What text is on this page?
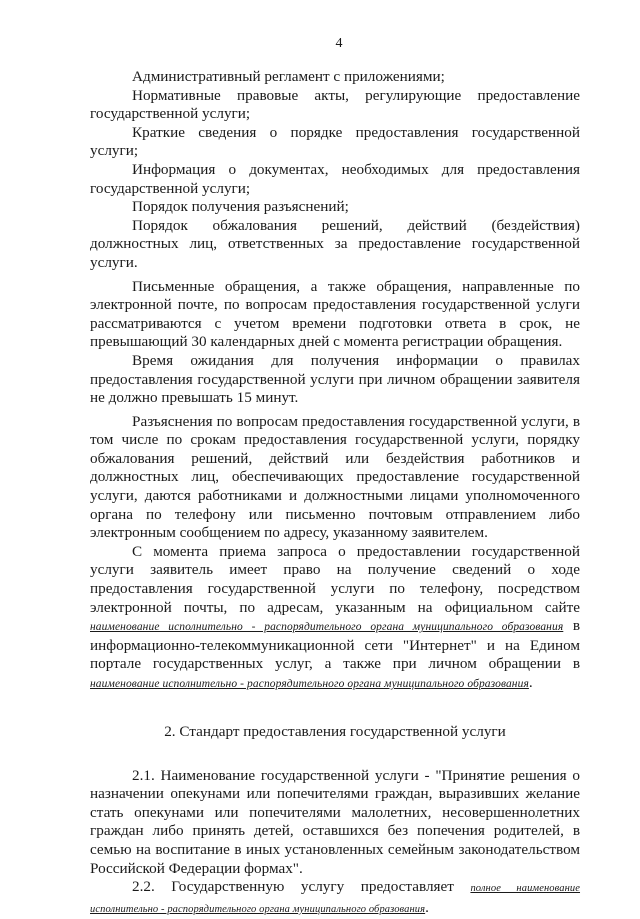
4

Административный регламент с приложениями;

Нормативные правовые акты, регулирующие предоставление государственной услуги;

Краткие сведения о порядке предоставления государственной услуги;

Информация о документах, необходимых для предоставления государственной услуги;

Порядок получения разъяснений;

Порядок обжалования решений, действий (бездействия) должностных лиц, ответственных за предоставление государственной услуги.

Письменные обращения, а также обращения, направленные по электронной почте, по вопросам предоставления государственной услуги рассматриваются с учетом времени подготовки ответа в срок, не превышающий 30 календарных дней с момента регистрации обращения.

Время ожидания для получения информации о правилах предоставления государственной услуги при личном обращении заявителя не должно превышать 15 минут.

Разъяснения по вопросам предоставления государственной услуги, в том числе по срокам предоставления государственной услуги, порядку обжалования решений, действий или бездействия работников и должностных лиц, обеспечивающих предоставление государственной услуги, даются работниками и должностными лицами уполномоченного органа по телефону или письменно почтовым отправлением либо электронным сообщением по адресу, указанному заявителем.

С момента приема запроса о предоставлении государственной услуги заявитель имеет право на получение сведений о ходе предоставления государственной услуги по телефону, посредством электронной почты, по адресам, указанным на официальном сайте наименование исполнительно - распорядительного органа муниципального образования в информационно-телекоммуникационной сети "Интернет" и на Едином портале государственных услуг, а также при личном обращении в наименование исполнительно - распорядительного органа муниципального образования.

2. Стандарт предоставления государственной услуги

2.1. Наименование государственной услуги - "Принятие решения о назначении опекунами или попечителями граждан, выразивших желание стать опекунами или попечителями малолетних, несовершеннолетних граждан либо принять детей, оставшихся без попечения родителей, в семью на воспитание в иных установленных семейным законодательством Российской Федерации формах".

2.2. Государственную услугу предоставляет полное наименование исполнительно - распорядительного органа муниципального образования.
